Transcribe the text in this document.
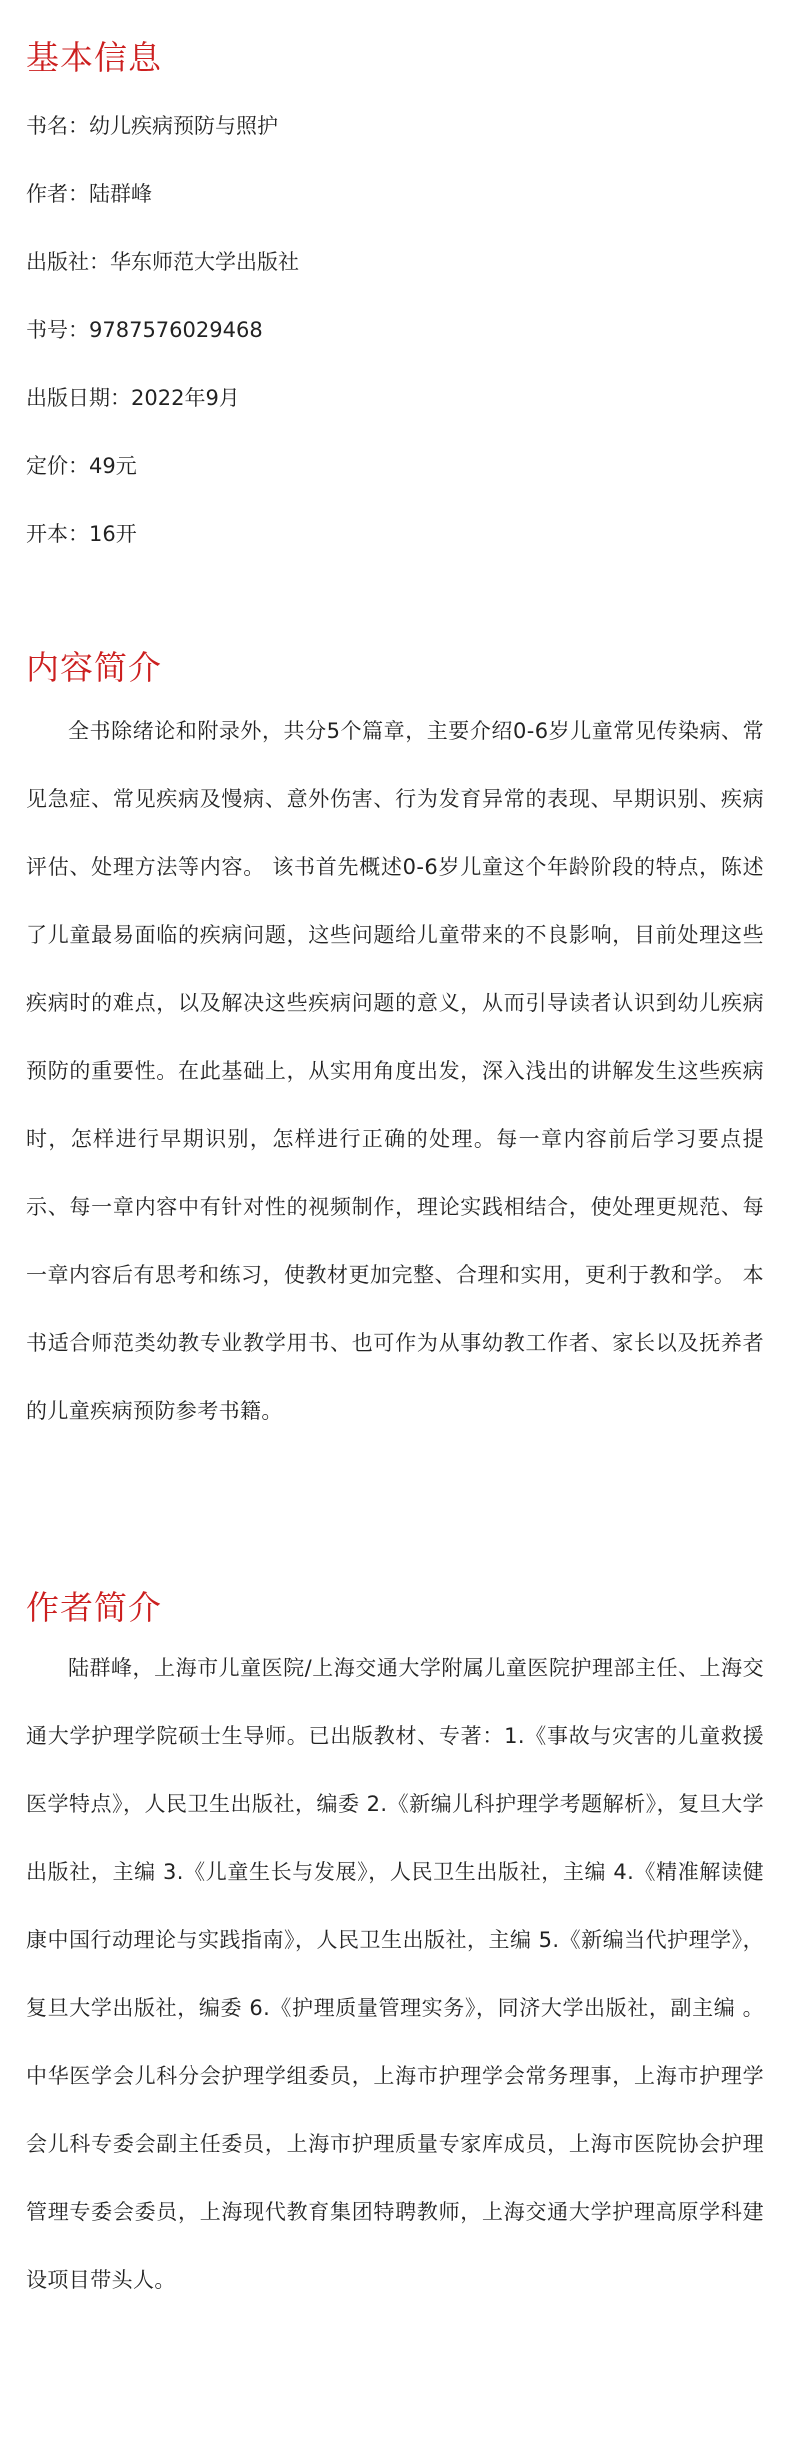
基本信息
书名：幼儿疾病预防与照护
作者：陆群峰
出版社：华东师范大学出版社
书号：9787576029468
出版日期：2022年9月
定价：49元
开本：16开
内容简介

全书除绪论和附录外，共分5个篇章，主要介绍0-6岁儿童常见传染病、常见急症、常见疾病及慢病、意外伤害、行为发育异常的表现、早期识别、疾病评估、处理方法等内容。 该书首先概述0-6岁儿童这个年龄阶段的特点，陈述了儿童最易面临的疾病问题，这些问题给儿童带来的不良影响，目前处理这些疾病时的难点，以及解决这些疾病问题的意义，从而引导读者认识到幼儿疾病预防的重要性。在此基础上，从实用角度出发，深入浅出的讲解发生这些疾病时，怎样进行早期识别，怎样进行正确的处理。每一章内容前后学习要点提示、每一章内容中有针对性的视频制作，理论实践相结合，使处理更规范、每一章内容后有思考和练习，使教材更加完整、合理和实用，更利于教和学。 本书适合师范类幼教专业教学用书、也可作为从事幼教工作者、家长以及抚养者的儿童疾病预防参考书籍。

作者简介

陆群峰，上海市儿童医院/上海交通大学附属儿童医院护理部主任、上海交通大学护理学院硕士生导师。已出版教材、专著：1.《事故与灾害的儿童救援医学特点》，人民卫生出版社，编委 2.《新编儿科护理学考题解析》，复旦大学出版社，主编 3.《儿童生长与发展》，人民卫生出版社，主编 4.《精准解读健康中国行动理论与实践指南》，人民卫生出版社，主编 5.《新编当代护理学》，复旦大学出版社，编委 6.《护理质量管理实务》，同济大学出版社，副主编 。 中华医学会儿科分会护理学组委员，上海市护理学会常务理事，上海市护理学会儿科专委会副主任委员，上海市护理质量专家库成员，上海市医院协会护理管理专委会委员，上海现代教育集团特聘教师，上海交通大学护理高原学科建设项目带头人。
